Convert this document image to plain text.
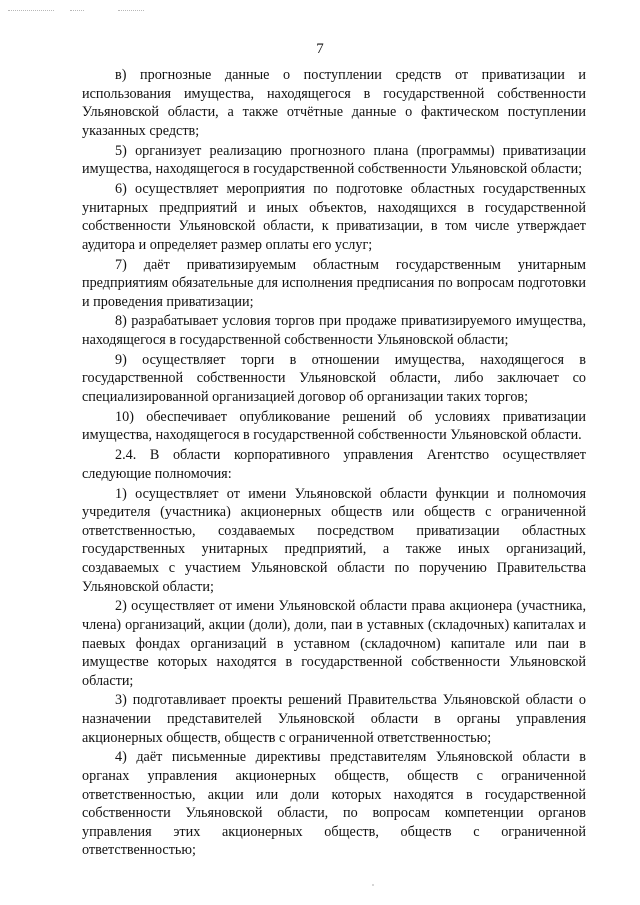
7

в) прогнозные данные о поступлении средств от приватизации и использования имущества, находящегося в государственной собственности Ульяновской области, а также отчётные данные о фактическом поступлении указанных средств;

5) организует реализацию прогнозного плана (программы) приватизации имущества, находящегося в государственной собственности Ульяновской области;

6) осуществляет мероприятия по подготовке областных государственных унитарных предприятий и иных объектов, находящихся в государственной собственности Ульяновской области, к приватизации, в том числе утверждает аудитора и определяет размер оплаты его услуг;

7) даёт приватизируемым областным государственным унитарным предприятиям обязательные для исполнения предписания по вопросам подготовки и проведения приватизации;

8) разрабатывает условия торгов при продаже приватизируемого имущества, находящегося в государственной собственности Ульяновской области;

9) осуществляет торги в отношении имущества, находящегося в государственной собственности Ульяновской области, либо заключает со специализированной организацией договор об организации таких торгов;

10) обеспечивает опубликование решений об условиях приватизации имущества, находящегося в государственной собственности Ульяновской области.

2.4. В области корпоративного управления Агентство осуществляет следующие полномочия:

1) осуществляет от имени Ульяновской области функции и полномочия учредителя (участника) акционерных обществ или обществ с ограниченной ответственностью, создаваемых посредством приватизации областных государственных унитарных предприятий, а также иных организаций, создаваемых с участием Ульяновской области по поручению Правительства Ульяновской области;

2) осуществляет от имени Ульяновской области права акционера (участника, члена) организаций, акции (доли), доли, паи в уставных (складочных) капиталах и паевых фондах организаций в уставном (складочном) капитале или паи в имуществе которых находятся в государственной собственности Ульяновской области;

3) подготавливает проекты решений Правительства Ульяновской области о назначении представителей Ульяновской области в органы управления акционерных обществ, обществ с ограниченной ответственностью;

4) даёт письменные директивы представителям Ульяновской области в органах управления акционерных обществ, обществ с ограниченной ответственностью, акции или доли которых находятся в государственной собственности Ульяновской области, по вопросам компетенции органов управления этих акционерных обществ, обществ с ограниченной ответственностью;
